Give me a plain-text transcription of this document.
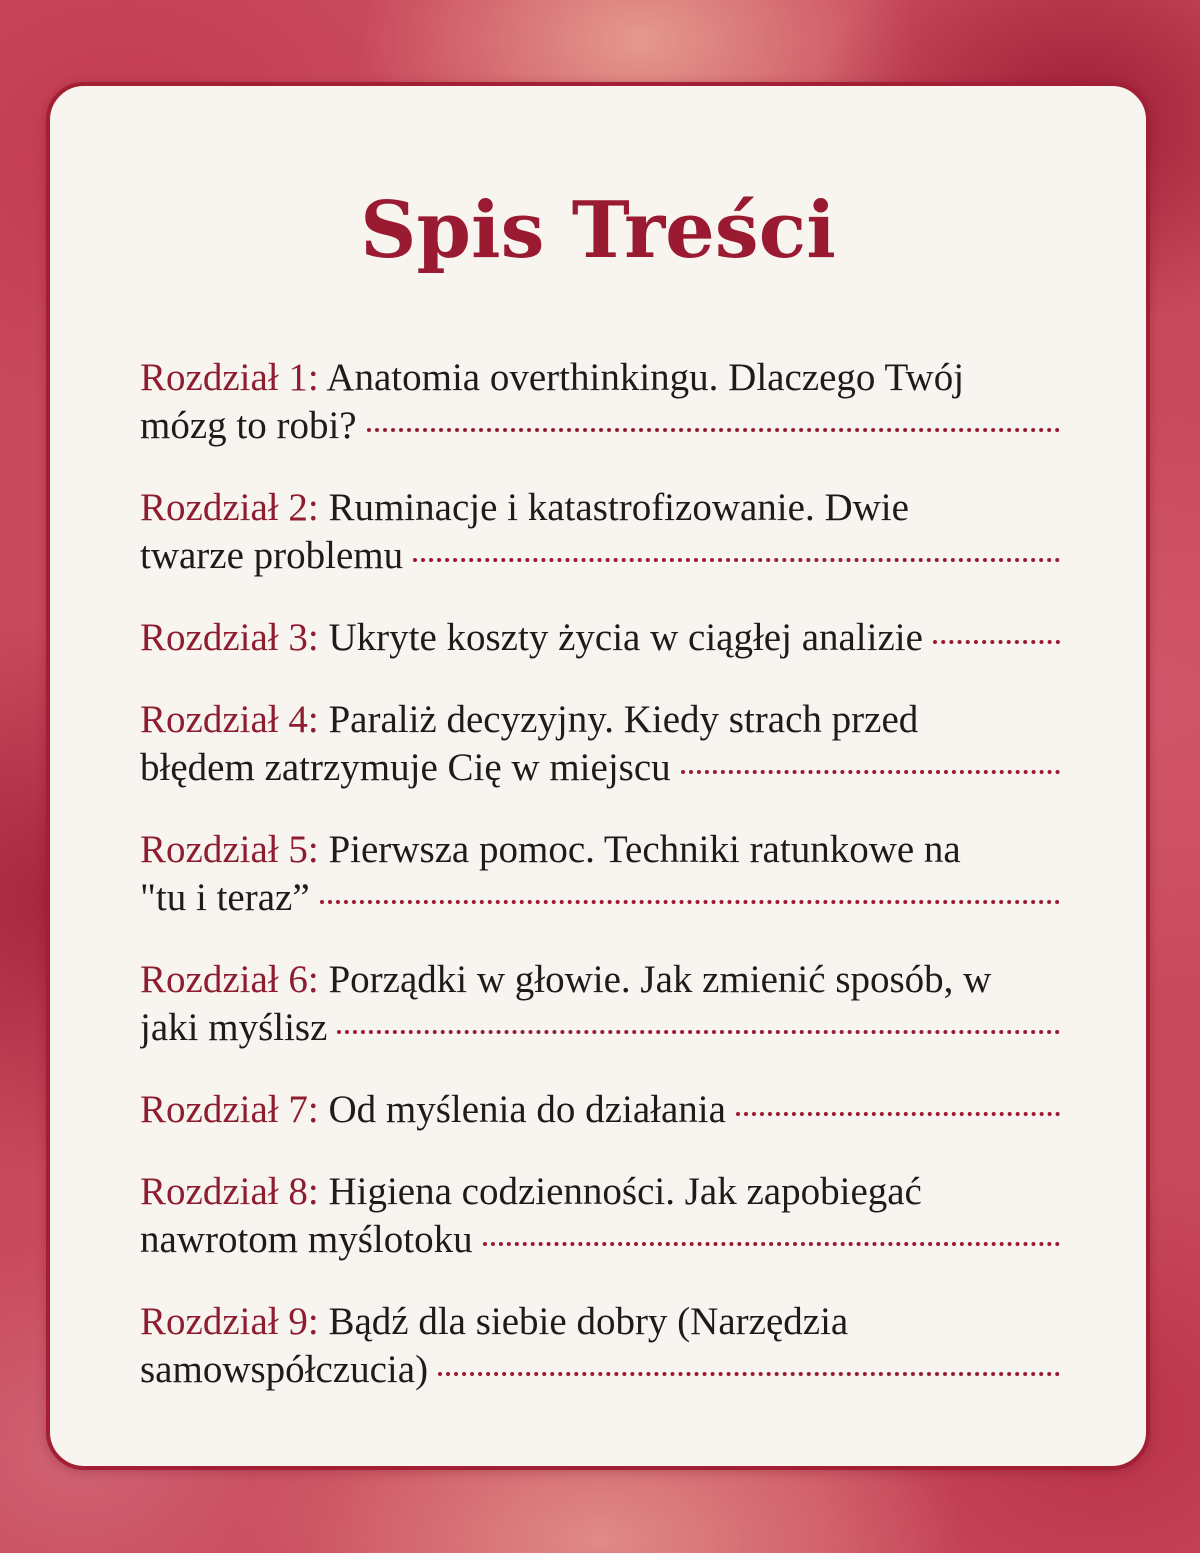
Spis Treści
Rozdział 1: Anatomia overthinkingu. Dlaczego Twój
mózg to robi?
Rozdział 2: Ruminacje i katastrofizowanie. Dwie
twarze problemu
Rozdział 3: Ukryte koszty życia w ciągłej analizie
Rozdział 4: Paraliż decyzyjny. Kiedy strach przed
błędem zatrzymuje Cię w miejscu
Rozdział 5: Pierwsza pomoc. Techniki ratunkowe na
"tu i teraz”
Rozdział 6: Porządki w głowie. Jak zmienić sposób, w
jaki myślisz
Rozdział 7: Od myślenia do działania
Rozdział 8: Higiena codzienności. Jak zapobiegać
nawrotom myślotoku
Rozdział 9: Bądź dla siebie dobry (Narzędzia
samowspółczucia)
